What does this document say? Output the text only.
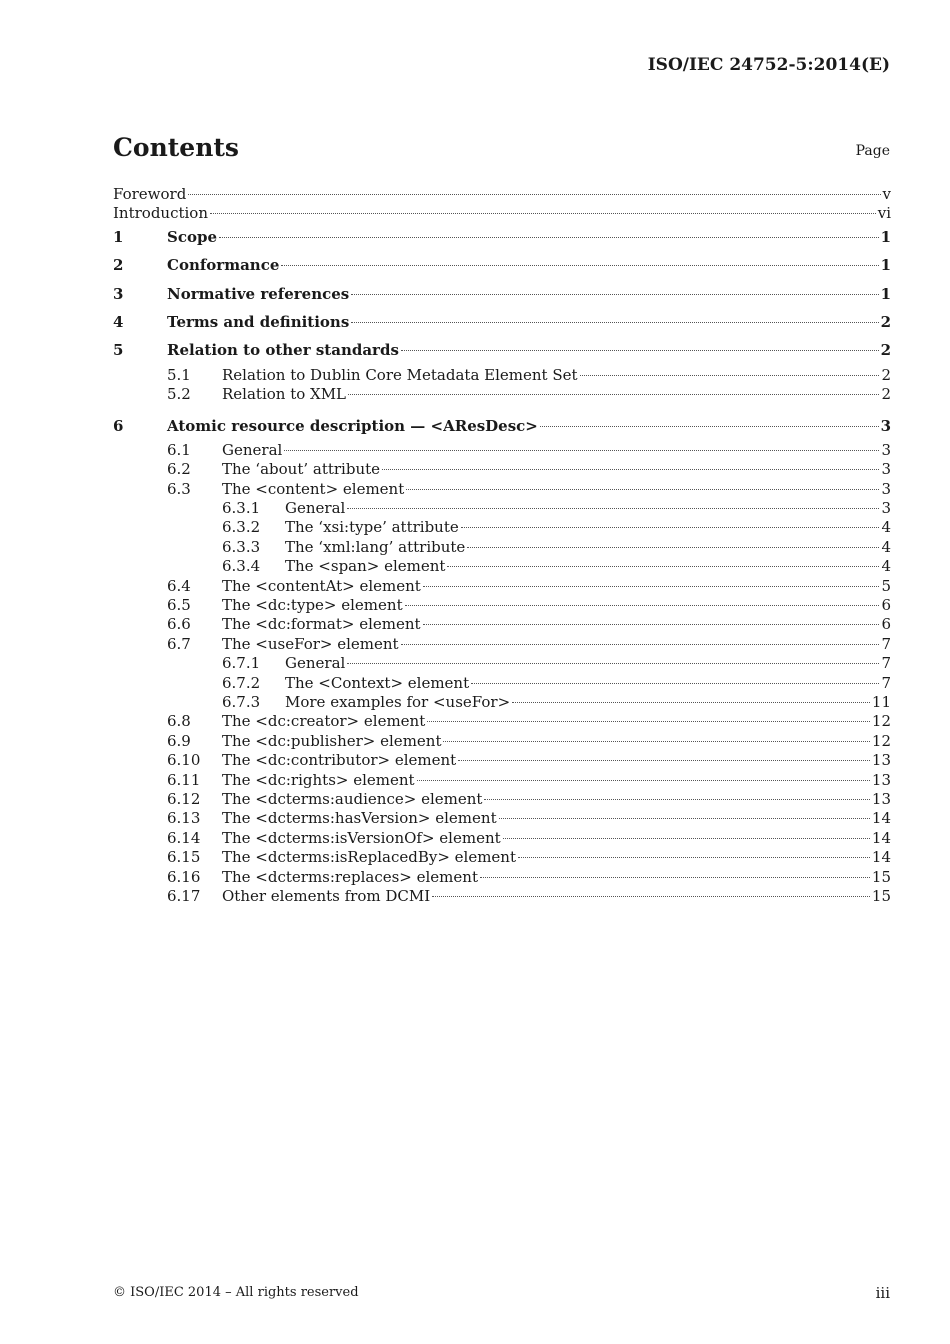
ISO/IEC 24752-5:2014(E)
Contents	Page
Foreword	v
Introduction	vi
1	Scope	1
2	Conformance	1
3	Normative references	1
4	Terms and definitions	2
5	Relation to other standards	2
5.1 Relation to Dublin Core Metadata Element Set	2
5.2 Relation to XML	2
6	Atomic resource description — <AResDesc>	3
6.1 General	3
6.2 The ‘about’ attribute	3
6.3 The <content> element	3
6.3.1 General	3
6.3.2 The ‘xsi:type’ attribute	4
6.3.3 The ‘xml:lang’ attribute	4
6.3.4 The <span> element	4
6.4 The <contentAt> element	5
6.5 The <dc:type> element	6
6.6 The <dc:format> element	6
6.7 The <useFor> element	7
6.7.1 General	7
6.7.2 The <Context> element	7
6.7.3 More examples for <useFor>	11
6.8 The <dc:creator> element	12
6.9 The <dc:publisher> element	12
6.10 The <dc:contributor> element	13
6.11 The <dc:rights> element	13
6.12 The <dcterms:audience> element	13
6.13 The <dcterms:hasVersion> element	14
6.14 The <dcterms:isVersionOf> element	14
6.15 The <dcterms:isReplacedBy> element	14
6.16 The <dcterms:replaces> element	15
6.17 Other elements from DCMI	15
© ISO/IEC 2014 – All rights reserved	iii
